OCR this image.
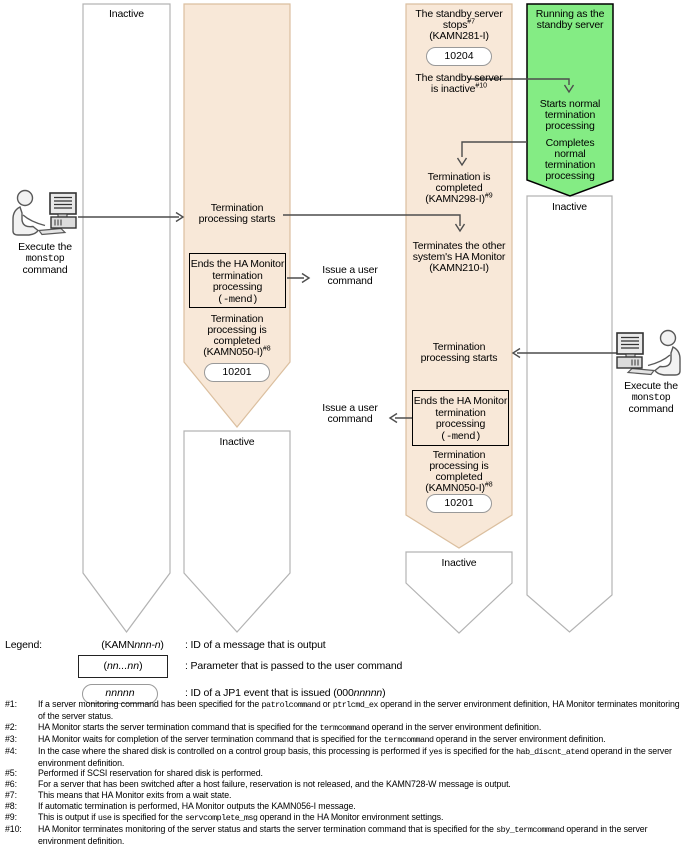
Inactive
Inactive
Inactive
Inactive
Execute the
monstop
command
Execute the
monstop
command
Termination processing starts
Ends the HA Monitor termination processing
(-mend)
Termination processing is completed (KAMN050-I)$^{\#8}$
10201
Issue a user command
The standby server stops$^{\#7}$
(KAMN281-I)
10204
The standby server is inactive$^{\#10}$
Termination is completed (KAMN298-I)$^{\#9}$
Terminates the other system's HA Monitor (KAMN210-I)
Termination processing starts
Ends the HA Monitor termination processing
(-mend)
Termination processing is completed (KAMN050-I)$^{\#8}$
10201
Issue a user command
Running as the standby server
Starts normal termination processing
Completes normal termination processing
Legend:	(KAMNnnn-n)	: ID of a message that is output
(nn...nn)	: Parameter that is passed to the user command
nnnnn	: ID of a JP1 event that is issued (000nnnnn)
#1:	If a server monitoring command has been specified for the patrolcommand or ptrlcmd_ex operand in the server environment definition, HA Monitor terminates monitoring of the server status.
#2:	HA Monitor starts the server termination command that is specified for the termcommand operand in the server environment definition.
#3:	HA Monitor waits for completion of the server termination command that is specified for the termcommand operand in the server environment definition.
#4:	In the case where the shared disk is controlled on a control group basis, this processing is performed if yes is specified for the hab_discnt_atend operand in the server environment definition.
#5:	Performed if SCSI reservation for shared disk is performed.
#6:	For a server that has been switched after a host failure, reservation is not released, and the KAMN728-W message is output.
#7:	This means that HA Monitor exits from a wait state.
#8:	If automatic termination is performed, HA Monitor outputs the KAMN056-I message.
#9:	This is output if use is specified for the servcomplete_msg operand in the HA Monitor environment settings.
#10:	HA Monitor terminates monitoring of the server status and starts the server termination command that is specified for the sby_termcommand operand in the server environment definition.
